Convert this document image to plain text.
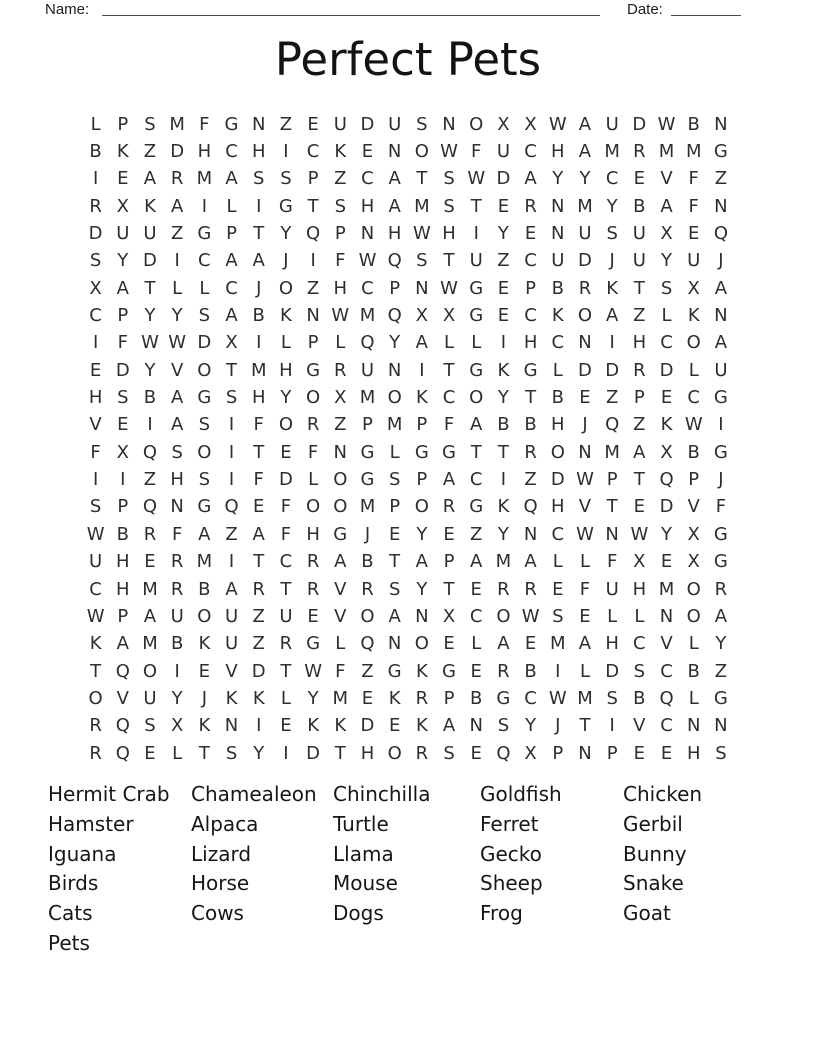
Name:	Date:
Perfect Pets
L P S M F G N Z E U D U S N O X X W A U D W B N
B K Z D H C H I	C K E N O W F U C H A M R M M G
I	E A R M A S S P Z C A T S W D A Y Y C E V F Z
R X K A	I	L	I G T S H A M S T E R N M Y B A F N
D U U Z G P T Y Q P N H W H I	Y E N U S U X E Q
S Y D I	C A A	J	I	F W Q S T U Z C U D J U Y U J
X A T L L C	J O Z H C P N W G E P B R K T S X A
C P Y Y S A B K N W M Q X X G E C K O A Z L K N
I	F W W D X	I	L P L Q Y A L L	I H C N I H C O A
E D Y V O T M H G R U N I	T G K G L D D R D L U
H S B A G S H Y O X M O K C O Y T B E Z P E C G
V E	I	A S	I	F O R Z P M P F A B B H J Q Z K W I
F X Q S O I	T E F N G L G G T T R O N M A X B G
I	I	Z H S	I	F D L O G S P A C	I	Z D W P T Q P	J
S P Q N G Q E F O O M P O R G K Q H V T E D V F
W B R F A Z A F H G J	E Y E Z Y N C W N W Y X G
U H E R M I	T C R A B T A P A M A L L F X E X G
C H M R B A R T R V R S Y T E R R E F U H M O R
W P A U O U Z U E V O A N X C O W S E L L N O A
K A M B K U Z R G L Q N O E L A E M A H C V L Y
T Q O I	E V D T W F Z G K G E R B	I	L D S C B Z
O V U Y	J	K K L Y M E K R P B G C W M S B Q L G
R Q S X K N I	E K K D E K A N S Y	J	T	I	V C N N
R Q E L T S Y	I D T H O R S E Q X P N P E E H S
Hermit Crab
Hamster
Iguana
Birds
Cats
Pets
Chamealeon
Alpaca
Lizard
Horse
Cows
Chinchilla
Turtle
Llama
Mouse
Dogs
Goldfish
Ferret
Gecko
Sheep
Frog
Chicken
Gerbil
Bunny
Snake
Goat
